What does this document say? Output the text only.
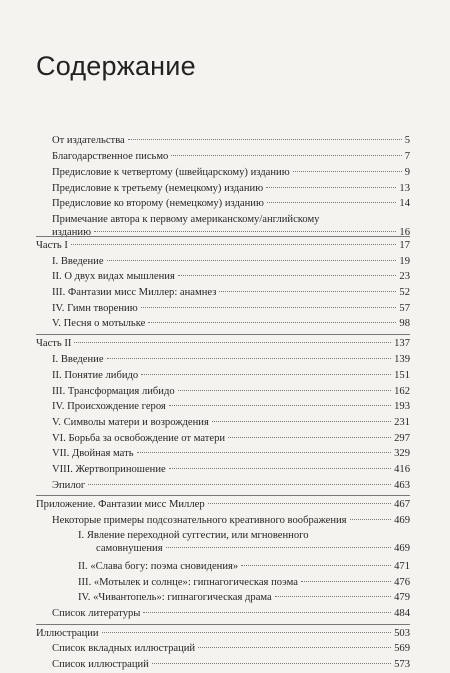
Содержание
От издательства	5
Благодарственное письмо	7
Предисловие к четвертому (швейцарскому) изданию	9
Предисловие к третьему (немецкому) изданию	13
Предисловие ко второму (немецкому) изданию	14
Примечание автора к первому американскому/английскому
изданию	16
Часть I	17
I. Введение	19
II. О двух видах мышления	23
III. Фантазии мисс Миллер: анамнез	52
IV. Гимн творению	57
V. Песня о мотыльке	98
Часть II	137
I. Введение	139
II. Понятие либидо	151
III. Трансформация либидо	162
IV. Происхождение героя	193
V. Символы матери и возрождения	231
VI. Борьба за освобождение от матери	297
VII. Двойная мать	329
VIII. Жертвоприношение	416
Эпилог	463
Приложение. Фантазии мисс Миллер	467
Некоторые примеры подсознательного креативного воображения	469
I. Явление переходной суггестии, или мгновенного
самовнушения	469
II. «Слава богу: поэма сновидения»	471
III. «Мотылек и солнце»: гипнагогическая поэма	476
IV. «Чивантопель»: гипнагогическая драма	479
Список литературы	484
Иллюстрации	503
Список вкладных иллюстраций	569
Список иллюстраций	573
